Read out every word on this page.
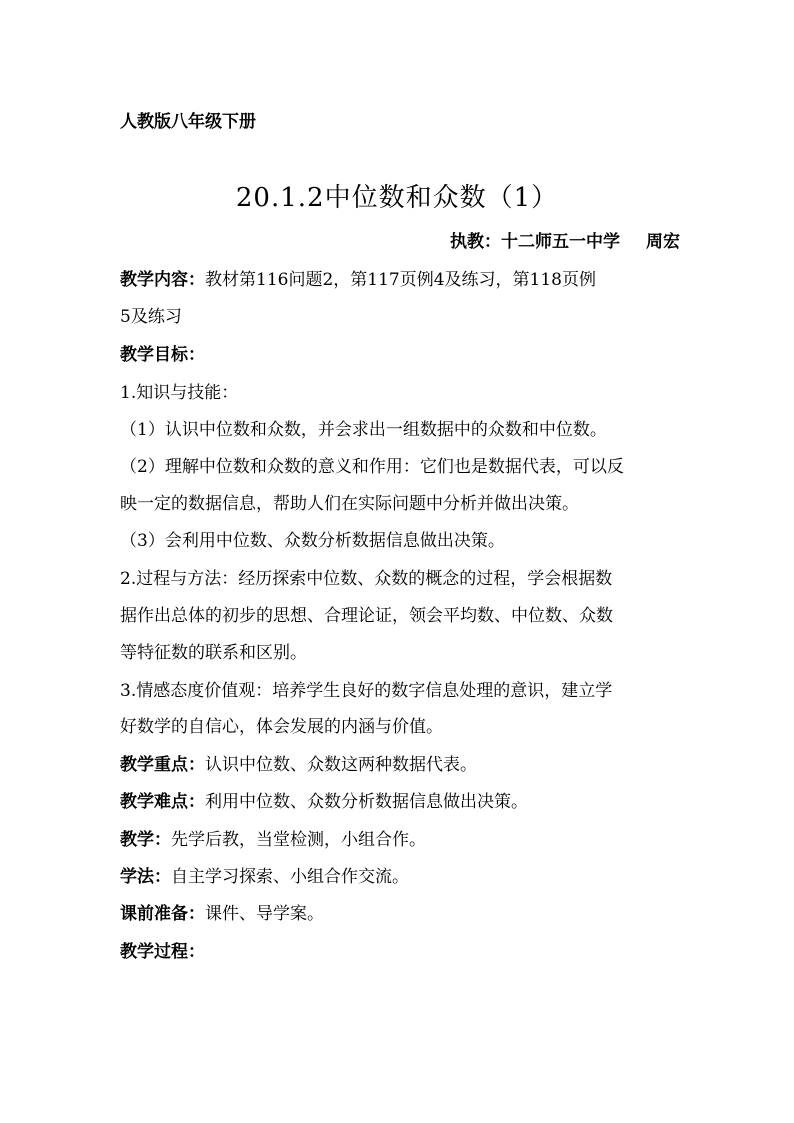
人教版八年级下册
20.1.2中位数和众数（1）
执教：十二师五一中学 周宏
教学内容：教材第116问题2，第117页例4及练习，第118页例
5及练习
教学目标：
1.知识与技能：
（1）认识中位数和众数，并会求出一组数据中的众数和中位数。
（2）理解中位数和众数的意义和作用：它们也是数据代表，可以反
映一定的数据信息，帮助人们在实际问题中分析并做出决策。
（3）会利用中位数、众数分析数据信息做出决策。
2.过程与方法：经历探索中位数、众数的概念的过程，学会根据数
据作出总体的初步的思想、合理论证，领会平均数、中位数、众数
等特征数的联系和区别。
3.情感态度价值观：培养学生良好的数字信息处理的意识，建立学
好数学的自信心，体会发展的内涵与价值。
教学重点：认识中位数、众数这两种数据代表。
教学难点：利用中位数、众数分析数据信息做出决策。
教学：先学后教，当堂检测，小组合作。
学法：自主学习探索、小组合作交流。
课前准备：课件、导学案。
教学过程：
